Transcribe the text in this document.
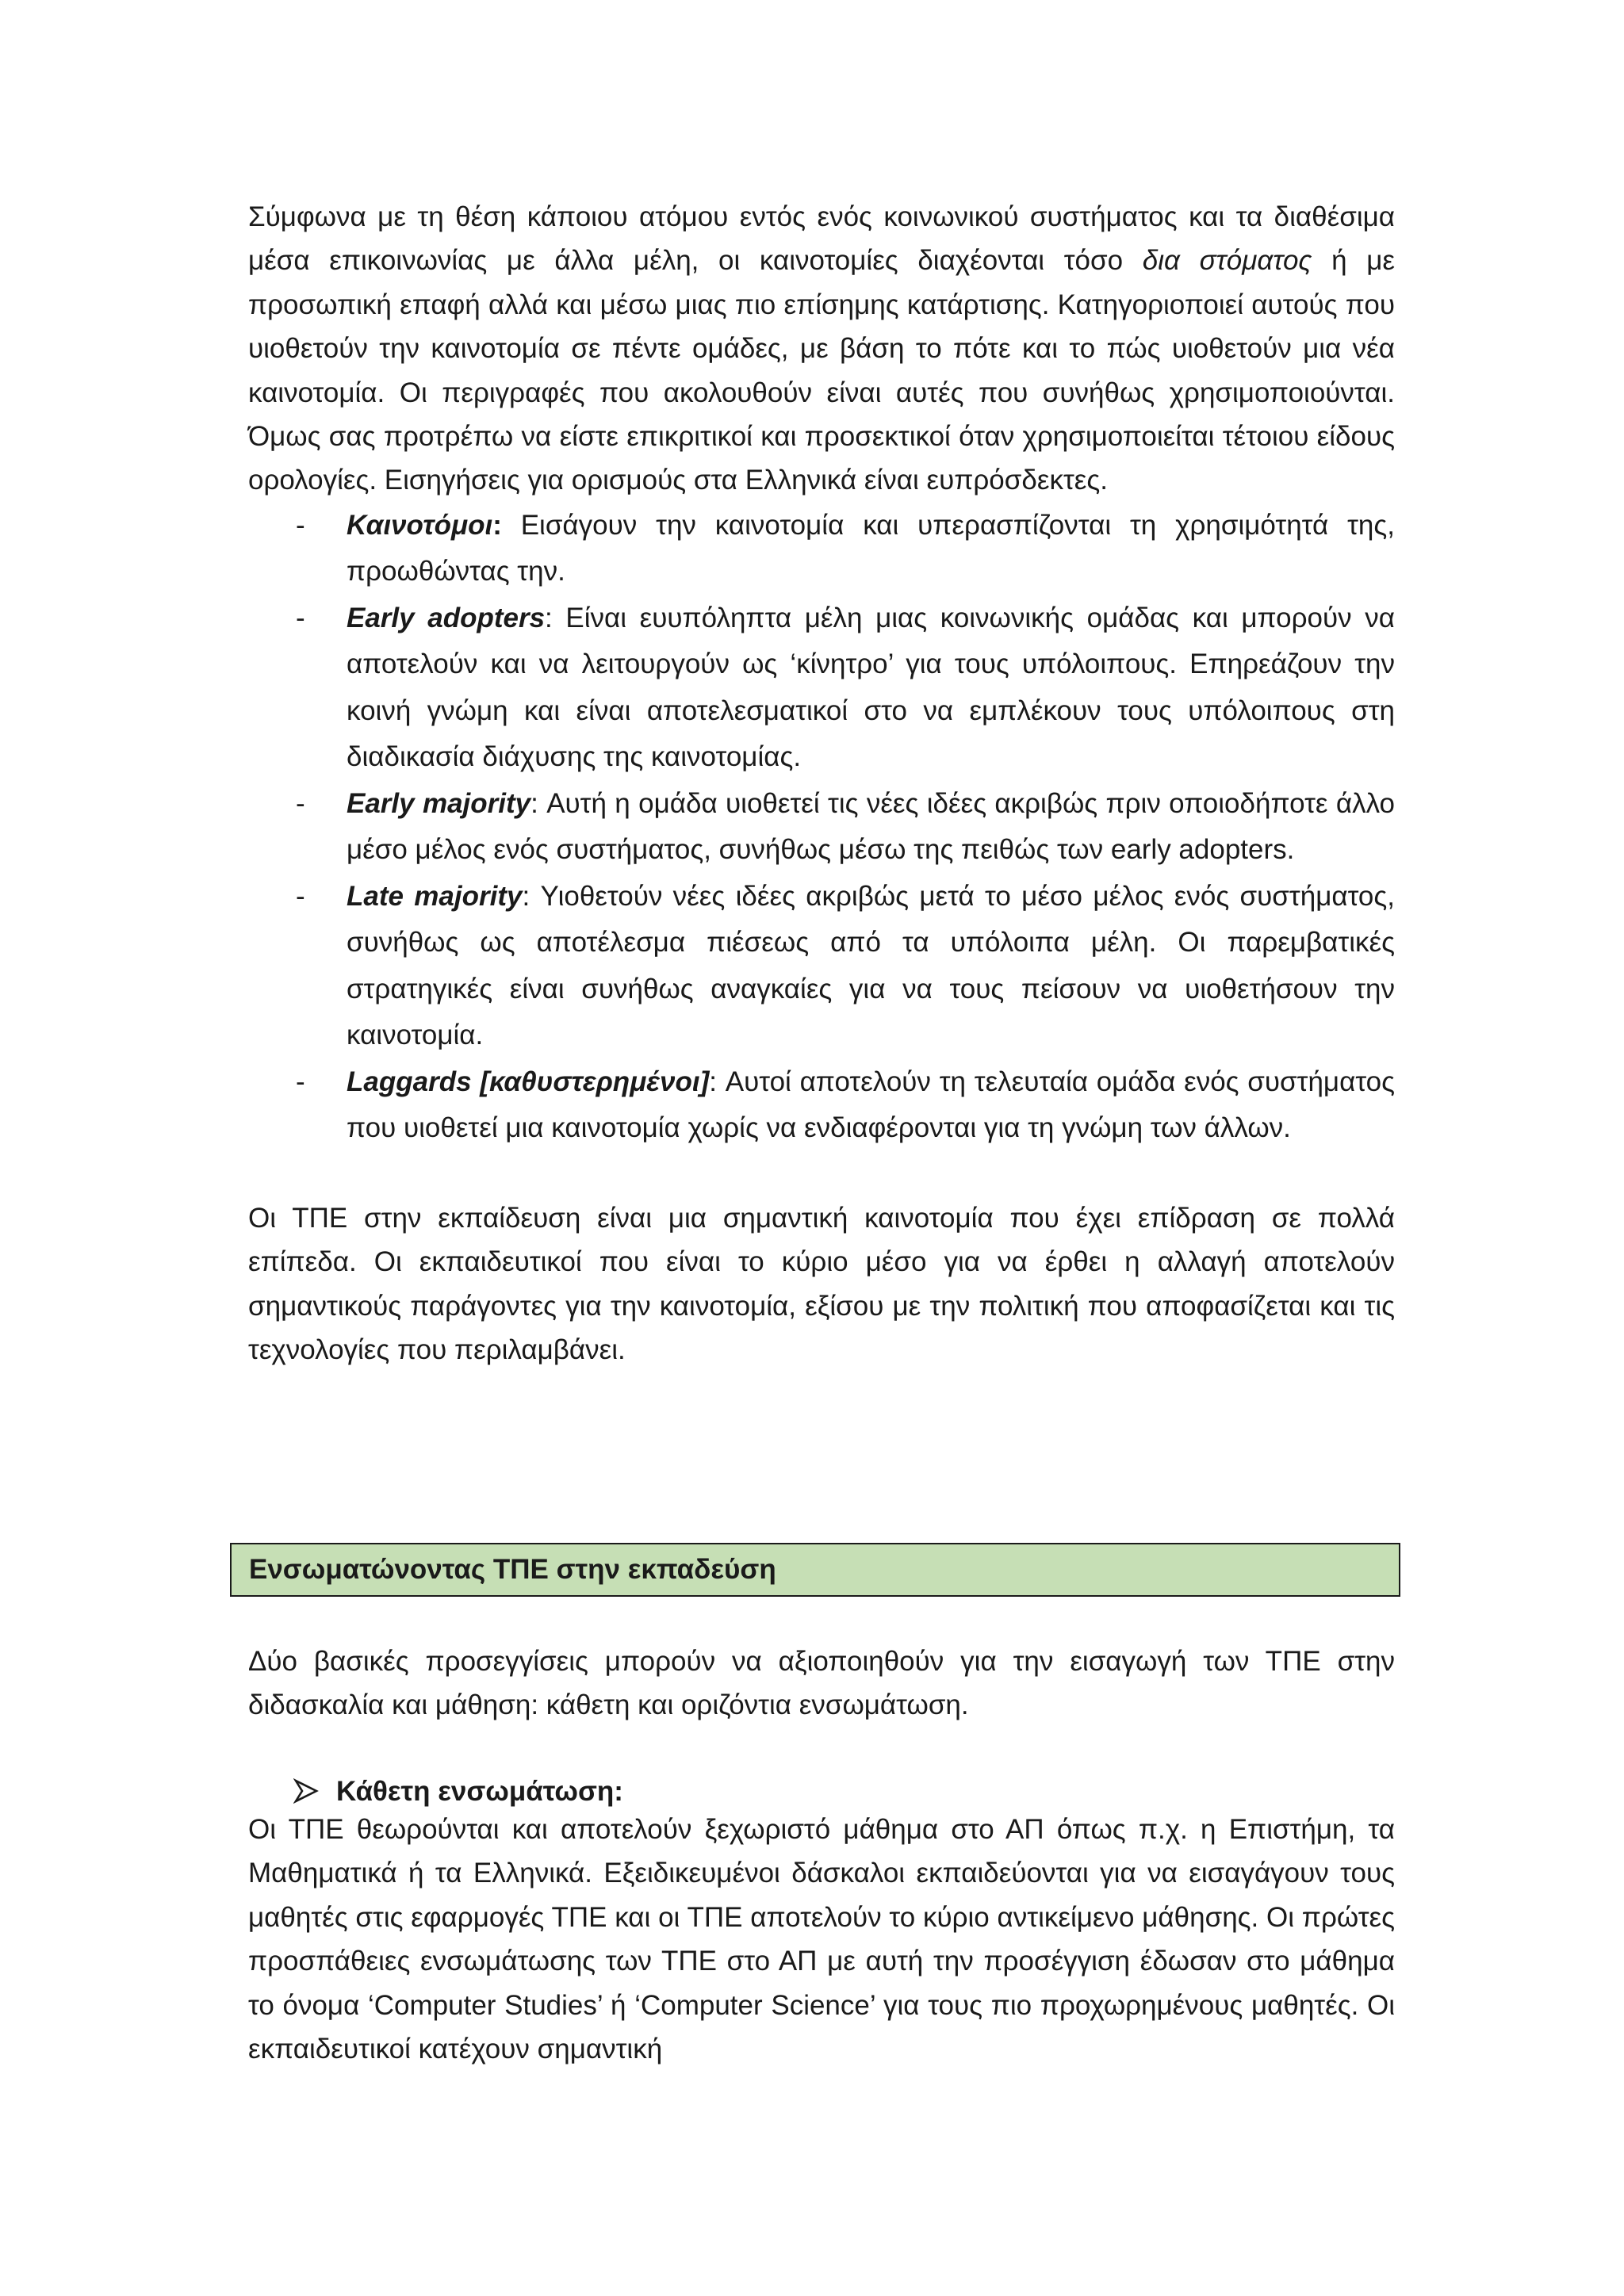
Σύμφωνα με τη θέση κάποιου ατόμου εντός ενός κοινωνικού συστήματος και τα διαθέσιμα μέσα επικοινωνίας με άλλα μέλη, οι καινοτομίες διαχέονται τόσο δια στόματος ή με προσωπική επαφή αλλά και μέσω μιας πιο επίσημης κατάρτισης. Κατηγοριοποιεί αυτούς που υιοθετούν την καινοτομία σε πέντε ομάδες, με βάση το πότε και το πώς υιοθετούν μια νέα καινοτομία. Οι περιγραφές που ακολουθούν είναι αυτές που συνήθως χρησιμοποιούνται. Όμως σας προτρέπω να είστε επικριτικοί και προσεκτικοί όταν χρησιμοποιείται τέτοιου είδους ορολογίες. Εισηγήσεις για ορισμούς στα Ελληνικά είναι ευπρόσδεκτες.

- Καινοτόμοι: Εισάγουν την καινοτομία και υπερασπίζονται τη χρησιμότητά της, προωθώντας την.
- Early adopters: Είναι ευυπόληπτα μέλη μιας κοινωνικής ομάδας και μπορούν να αποτελούν και να λειτουργούν ως ‘κίνητρο’ για τους υπόλοιπους. Επηρεάζουν την κοινή γνώμη και είναι αποτελεσματικοί στο να εμπλέκουν τους υπόλοιπους στη διαδικασία διάχυσης της καινοτομίας.
- Early majority: Αυτή η ομάδα υιοθετεί τις νέες ιδέες ακριβώς πριν οποιοδήποτε άλλο μέσο μέλος ενός συστήματος, συνήθως μέσω της πειθώς των early adopters.
- Late majority: Υιοθετούν νέες ιδέες ακριβώς μετά το μέσο μέλος ενός συστήματος, συνήθως ως αποτέλεσμα πιέσεως από τα υπόλοιπα μέλη. Οι παρεμβατικές στρατηγικές είναι συνήθως αναγκαίες για να τους πείσουν να υιοθετήσουν την καινοτομία.
- Laggards [καθυστερημένοι]: Αυτοί αποτελούν τη τελευταία ομάδα ενός συστήματος που υιοθετεί μια καινοτομία χωρίς να ενδιαφέρονται για τη γνώμη των άλλων.

Οι ΤΠΕ στην εκπαίδευση είναι μια σημαντική καινοτομία που έχει επίδραση σε πολλά επίπεδα. Οι εκπαιδευτικοί που είναι το κύριο μέσο για να έρθει η αλλαγή αποτελούν σημαντικούς παράγοντες για την καινοτομία, εξίσου με την πολιτική που αποφασίζεται και τις τεχνολογίες που περιλαμβάνει.

Ενσωματώνοντας ΤΠΕ στην εκπαδεύση

Δύο βασικές προσεγγίσεις μπορούν να αξιοποιηθούν για την εισαγωγή των ΤΠΕ στην διδασκαλία και μάθηση: κάθετη και οριζόντια ενσωμάτωση.

Κάθετη ενσωμάτωση:

Οι ΤΠΕ θεωρούνται και αποτελούν ξεχωριστό μάθημα στο ΑΠ όπως π.χ. η Επιστήμη, τα Μαθηματικά ή τα Ελληνικά. Εξειδικευμένοι δάσκαλοι εκπαιδεύονται για να εισαγάγουν τους μαθητές στις εφαρμογές ΤΠΕ και οι ΤΠΕ αποτελούν το κύριο αντικείμενο μάθησης. Οι πρώτες προσπάθειες ενσωμάτωσης των ΤΠΕ στο ΑΠ με αυτή την προσέγγιση έδωσαν στο μάθημα το όνομα ‘Computer Studies’ ή ‘Computer Science’ για τους πιο προχωρημένους μαθητές. Οι εκπαιδευτικοί κατέχουν σημαντική
